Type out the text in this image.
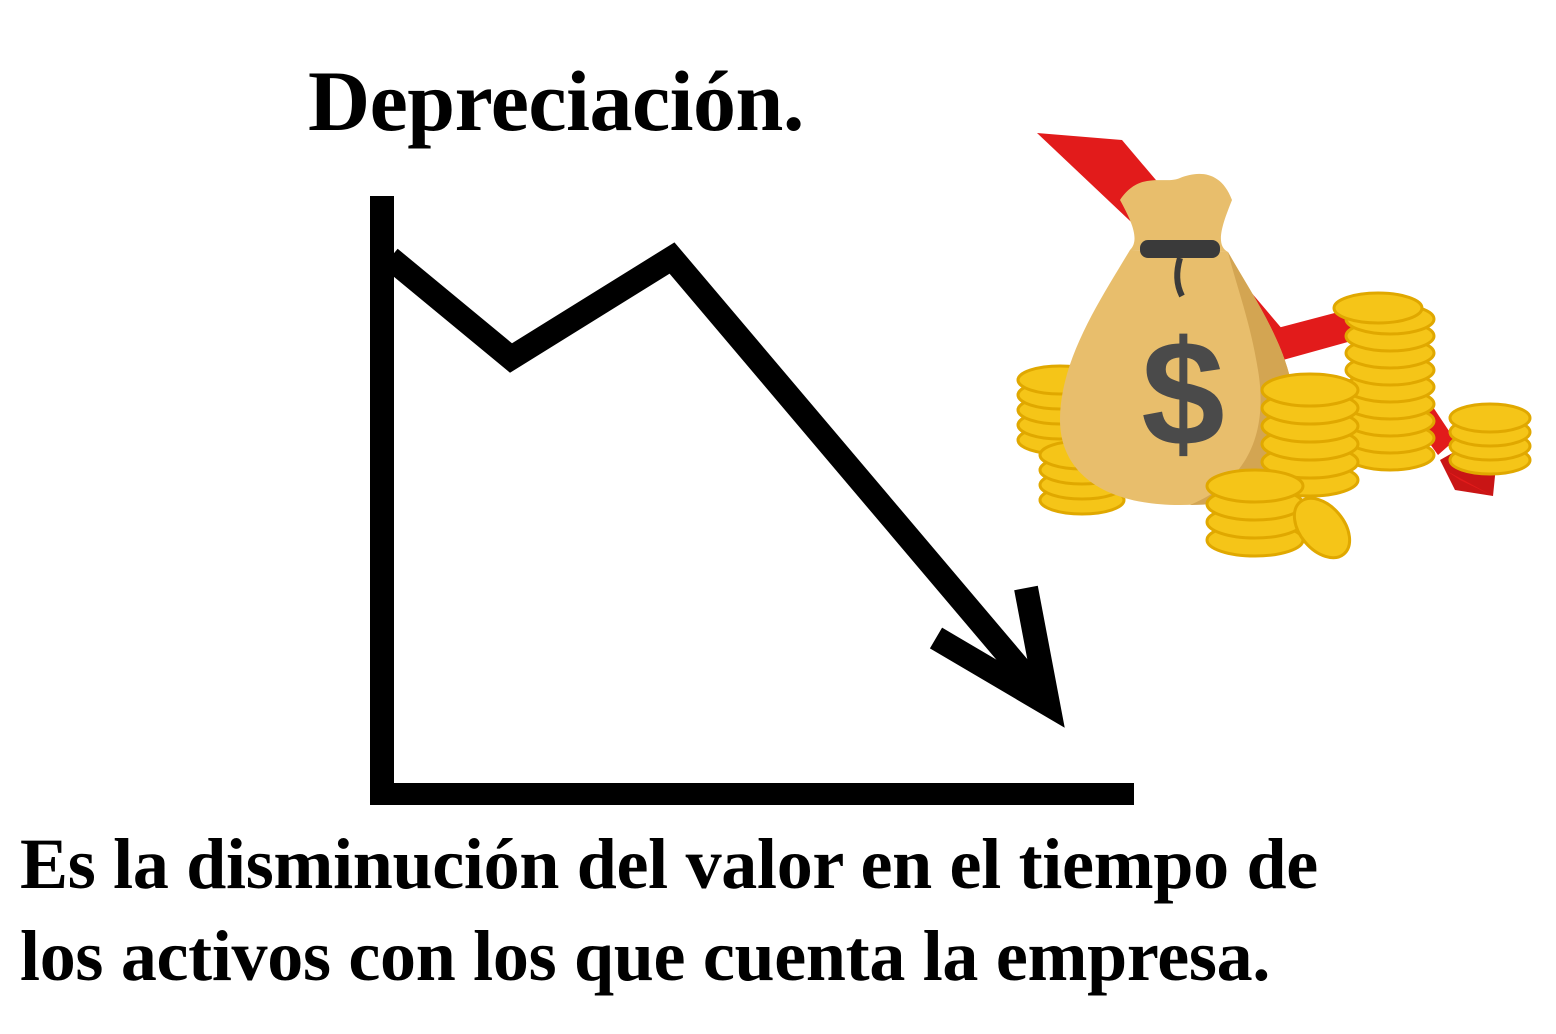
Depreciación.
$
Es la disminución del valor en el tiempo de
los activos con los que cuenta la empresa.
